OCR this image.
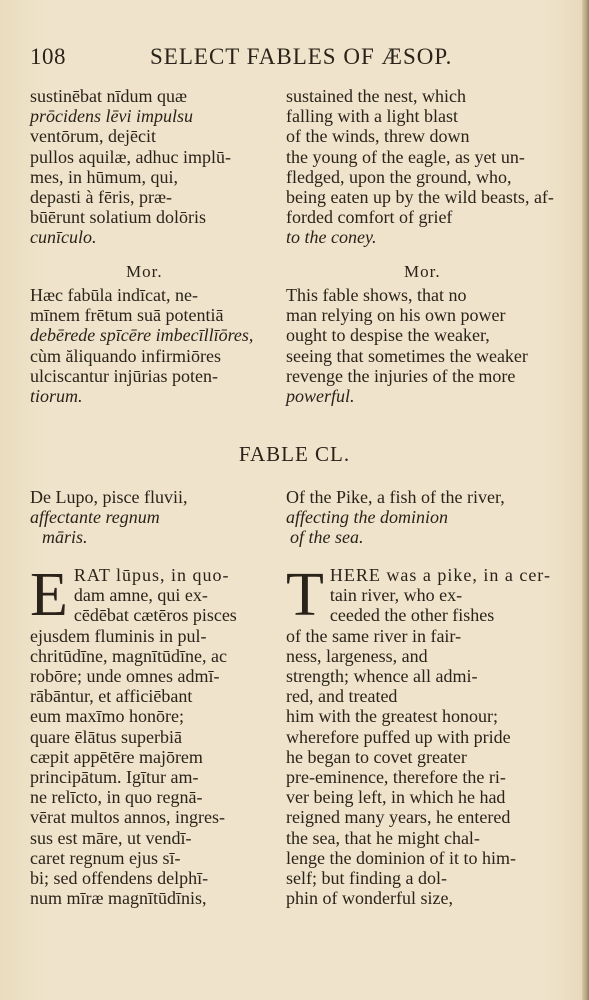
108	SELECT FABLES OF ÆSOP.
sustinēbat nīdum quæ
prōcidens lēvi impulsu
ventōrum, dejēcit
pullos aquilæ, adhuc implū-
mes, in hūmum, qui,
depasti à fēris, præ-
būērunt solatium dolōris
cunīculo.
sustained the nest, which
falling with a light blast
of the winds, threw down
the young of the eagle, as yet un-
fledged, upon the ground, who,
being eaten up by the wild beasts, af-
forded comfort of grief
to the coney.
Mor.	Mor.
Hæc fabūla indīcat, ne-
mīnem frētum suā potentiā
debērede spīcēre imbecīllīōres,
cùm ăliquando infirmiōres
ulciscantur injūrias poten-
tiorum.
This fable shows, that no
man relying on his own power
ought to despise the weaker,
seeing that sometimes the weaker
revenge the injuries of the more
powerful.
FABLE CL.
De Lupo, pisce fluvii,
affectante regnum
māris.
Of the Pike, a fish of the river,
affecting the dominion
of the sea.
E RAT lūpus, in quo-
dam amne, qui ex-
cēdēbat cætēros pisces
ejusdem fluminis in pul-
chritūdīne, magnītūdīne, ac
robōre; unde omnes admī-
rābāntur, et afficiēbant
eum maxīmo honōre;
quare ēlātus superbiā
cæpit appētēre majōrem
principātum. Igītur am-
ne relīcto, in quo regnā-
vērat multos annos, ingres-
sus est māre, ut vendī-
caret regnum ejus sī-
bi; sed offendens delphī-
num mīræ magnītūdīnis,
T HERE was a pike, in a cer-
tain river, who ex-
ceeded the other fishes
of the same river in fair-
ness, largeness, and
strength; whence all admi-
red, and treated
him with the greatest honour;
wherefore puffed up with pride
he began to covet greater
pre-eminence, therefore the ri-
ver being left, in which he had
reigned many years, he entered
the sea, that he might chal-
lenge the dominion of it to him-
self; but finding a dol-
phin of wonderful size,
